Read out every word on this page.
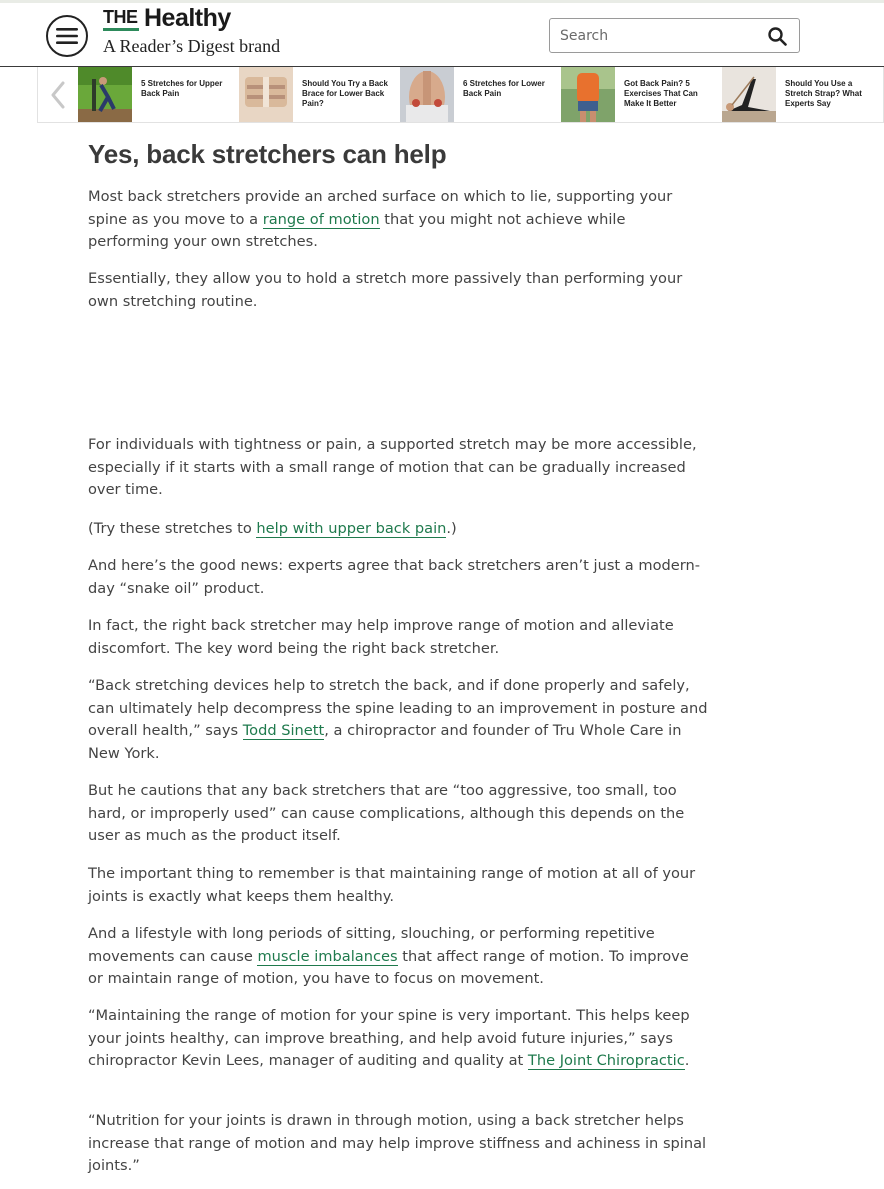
THE Healthy
A Reader’s Digest brand
Search
5 Stretches for Upper Back Pain
Should You Try a Back Brace for Lower Back Pain?
6 Stretches for Lower Back Pain
Got Back Pain? 5 Exercises That Can Make It Better
Should You Use a Stretch Strap? What Experts Say
Yes, back stretchers can help

Most back stretchers provide an arched surface on which to lie, supporting your spine as you move to a range of motion that you might not achieve while performing your own stretches.

Essentially, they allow you to hold a stretch more passively than performing your own stretching routine.

For individuals with tightness or pain, a supported stretch may be more accessible, especially if it starts with a small range of motion that can be gradually increased over time.

(Try these stretches to help with upper back pain.)

And here’s the good news: experts agree that back stretchers aren’t just a modern-day “snake oil” product.

In fact, the right back stretcher may help improve range of motion and alleviate discomfort. The key word being the right back stretcher.

“Back stretching devices help to stretch the back, and if done properly and safely, can ultimately help decompress the spine leading to an improvement in posture and overall health,” says Todd Sinett, a chiropractor and founder of Tru Whole Care in New York.

But he cautions that any back stretchers that are “too aggressive, too small, too hard, or improperly used” can cause complications, although this depends on the user as much as the product itself.

The important thing to remember is that maintaining range of motion at all of your joints is exactly what keeps them healthy.

And a lifestyle with long periods of sitting, slouching, or performing repetitive movements can cause muscle imbalances that affect range of motion. To improve or maintain range of motion, you have to focus on movement.

“Maintaining the range of motion for your spine is very important. This helps keep your joints healthy, can improve breathing, and help avoid future injuries,” says chiropractor Kevin Lees, manager of auditing and quality at The Joint Chiropractic.

“Nutrition for your joints is drawn in through motion, using a back stretcher helps increase that range of motion and may help improve stiffness and achiness in spinal joints.”
